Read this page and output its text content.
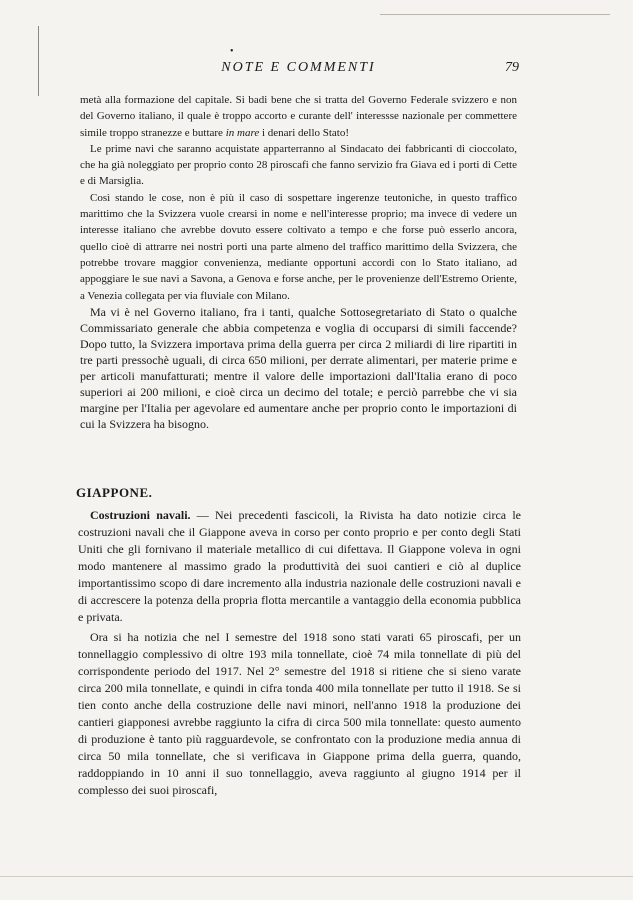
•
NOTE E COMMENTI	79

metà alla formazione del capitale. Si badi bene che si tratta del Governo Federale svizzero e non del Governo italiano, il quale è troppo accorto e curante dell' interessse nazionale per commettere simile troppo stranezze e buttare in mare i denari dello Stato!

Le prime navi che saranno acquistate apparterranno al Sindacato dei fabbricanti di cioccolato, che ha già noleggiato per proprio conto 28 piroscafi che fanno servizio fra Giava ed i porti di Cette e di Marsiglia.

Così stando le cose, non è più il caso di sospettare ingerenze teutoniche, in questo traffico marittimo che la Svizzera vuole crearsi in nome e nell'interesse proprio; ma invece di vedere un interesse italiano che avrebbe dovuto essere coltivato a tempo e che forse può esserlo ancora, quello cioè di attrarre nei nostri porti una parte almeno del traffico marittimo della Svizzera, che potrebbe trovare maggior convenienza, mediante opportuni accordi con lo Stato italiano, ad appoggiare le sue navi a Savona, a Genova e forse anche, per le provenienze dell'Estremo Oriente, a Venezia collegata per via fluviale con Milano.

Ma vi è nel Governo italiano, fra i tanti, qualche Sottosegretariato di Stato o qualche Commissariato generale che abbia competenza e voglia di occuparsi di simili faccende? Dopo tutto, la Svizzera importava prima della guerra per circa 2 miliardi di lire ripartiti in tre parti pressochè uguali, di circa 650 milioni, per derrate alimentari, per materie prime e per articoli manufatturati; mentre il valore delle importazioni dall'Italia erano di poco superiori ai 200 milioni, e cioè circa un decimo del totale; e perciò parrebbe che vi sia margine per l'Italia per agevolare ed aumentare anche per proprio conto le importazioni di cui la Svizzera ha bisogno.

GIAPPONE.

Costruzioni navali. — Nei precedenti fascicoli, la Rivista ha dato notizie circa le costruzioni navali che il Giappone aveva in corso per conto proprio e per conto degli Stati Uniti che gli fornivano il materiale metallico di cui difettava. Il Giappone voleva in ogni modo mantenere al massimo grado la produttività dei suoi cantieri e ciò al duplice importantissimo scopo di dare incremento alla industria nazionale delle costruzioni navali e di accrescere la potenza della propria flotta mercantile a vantaggio della economia pubblica e privata.

Ora si ha notizia che nel I semestre del 1918 sono stati varati 65 piroscafi, per un tonnellaggio complessivo di oltre 193 mila tonnellate, cioè 74 mila tonnellate di più del corrispondente periodo del 1917. Nel 2° semestre del 1918 si ritiene che si sieno varate circa 200 mila tonnellate, e quindi in cifra tonda 400 mila tonnellate per tutto il 1918. Se si tien conto anche della costruzione delle navi minori, nell'anno 1918 la produzione dei cantieri giapponesi avrebbe raggiunto la cifra di circa 500 mila tonnellate: questo aumento di produzione è tanto più ragguardevole, se confrontato con la produzione media annua di circa 50 mila tonnellate, che si verificava in Giappone prima della guerra, quando, raddoppiando in 10 anni il suo tonnellaggio, aveva raggiunto al giugno 1914 per il complesso dei suoi piroscafi,
